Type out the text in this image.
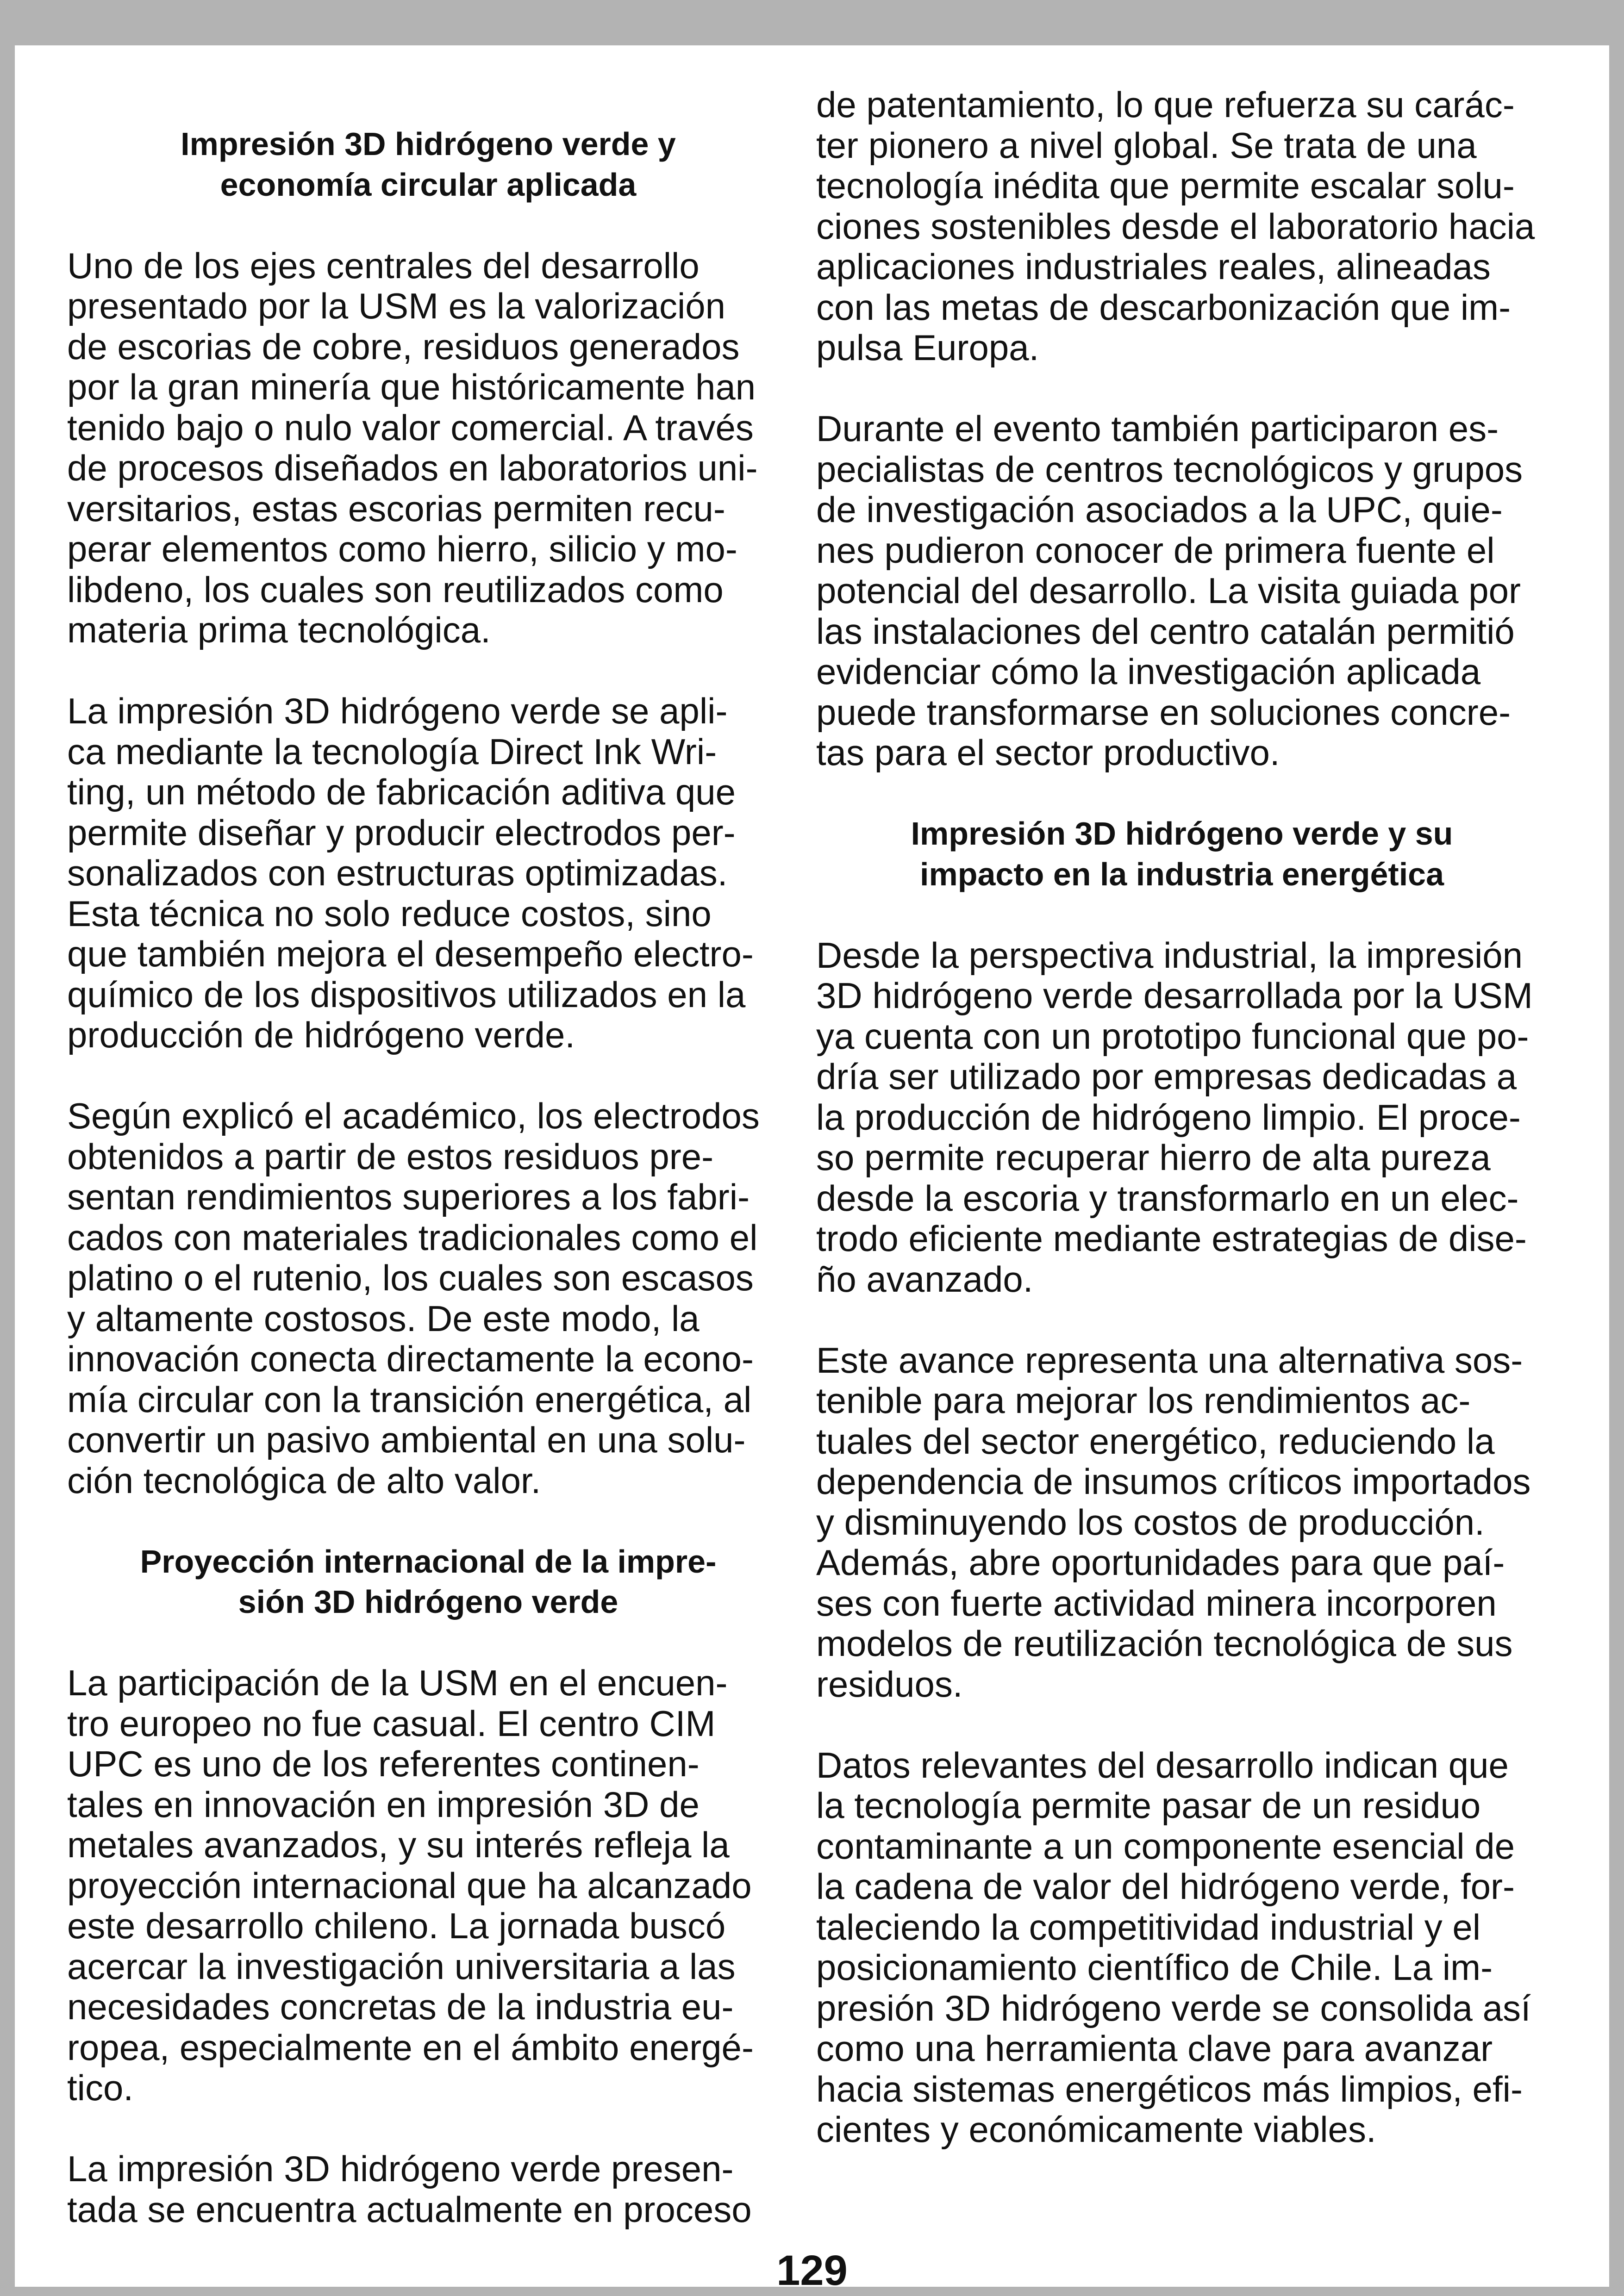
Impresión 3D hidrógeno verde y
economía circular aplicada

Uno de los ejes centrales del desarrollo
presentado por la USM es la valorización
de escorias de cobre, residuos generados
por la gran minería que históricamente han
tenido bajo o nulo valor comercial. A través
de procesos diseñados en laboratorios uni-
versitarios, estas escorias permiten recu-
perar elementos como hierro, silicio y mo-
libdeno, los cuales son reutilizados como
materia prima tecnológica.

La impresión 3D hidrógeno verde se apli-
ca mediante la tecnología Direct Ink Wri-
ting, un método de fabricación aditiva que
permite diseñar y producir electrodos per-
sonalizados con estructuras optimizadas.
Esta técnica no solo reduce costos, sino
que también mejora el desempeño electro-
químico de los dispositivos utilizados en la
producción de hidrógeno verde.

Según explicó el académico, los electrodos
obtenidos a partir de estos residuos pre-
sentan rendimientos superiores a los fabri-
cados con materiales tradicionales como el
platino o el rutenio, los cuales son escasos
y altamente costosos. De este modo, la
innovación conecta directamente la econo-
mía circular con la transición energética, al
convertir un pasivo ambiental en una solu-
ción tecnológica de alto valor.

Proyección internacional de la impre-
sión 3D hidrógeno verde

La participación de la USM en el encuen-
tro europeo no fue casual. El centro CIM
UPC es uno de los referentes continen-
tales en innovación en impresión 3D de
metales avanzados, y su interés refleja la
proyección internacional que ha alcanzado
este desarrollo chileno. La jornada buscó
acercar la investigación universitaria a las
necesidades concretas de la industria eu-
ropea, especialmente en el ámbito energé-
tico.

La impresión 3D hidrógeno verde presen-
tada se encuentra actualmente en proceso

de patentamiento, lo que refuerza su carác-
ter pionero a nivel global. Se trata de una
tecnología inédita que permite escalar solu-
ciones sostenibles desde el laboratorio hacia
aplicaciones industriales reales, alineadas
con las metas de descarbonización que im-
pulsa Europa.

Durante el evento también participaron es-
pecialistas de centros tecnológicos y grupos
de investigación asociados a la UPC, quie-
nes pudieron conocer de primera fuente el
potencial del desarrollo. La visita guiada por
las instalaciones del centro catalán permitió
evidenciar cómo la investigación aplicada
puede transformarse en soluciones concre-
tas para el sector productivo.

Impresión 3D hidrógeno verde y su
impacto en la industria energética

Desde la perspectiva industrial, la impresión
3D hidrógeno verde desarrollada por la USM
ya cuenta con un prototipo funcional que po-
dría ser utilizado por empresas dedicadas a
la producción de hidrógeno limpio. El proce-
so permite recuperar hierro de alta pureza
desde la escoria y transformarlo en un elec-
trodo eficiente mediante estrategias de dise-
ño avanzado.

Este avance representa una alternativa sos-
tenible para mejorar los rendimientos ac-
tuales del sector energético, reduciendo la
dependencia de insumos críticos importados
y disminuyendo los costos de producción.
Además, abre oportunidades para que paí-
ses con fuerte actividad minera incorporen
modelos de reutilización tecnológica de sus
residuos.

Datos relevantes del desarrollo indican que
la tecnología permite pasar de un residuo
contaminante a un componente esencial de
la cadena de valor del hidrógeno verde, for-
taleciendo la competitividad industrial y el
posicionamiento científico de Chile. La im-
presión 3D hidrógeno verde se consolida así
como una herramienta clave para avanzar
hacia sistemas energéticos más limpios, efi-
cientes y económicamente viables.

129
